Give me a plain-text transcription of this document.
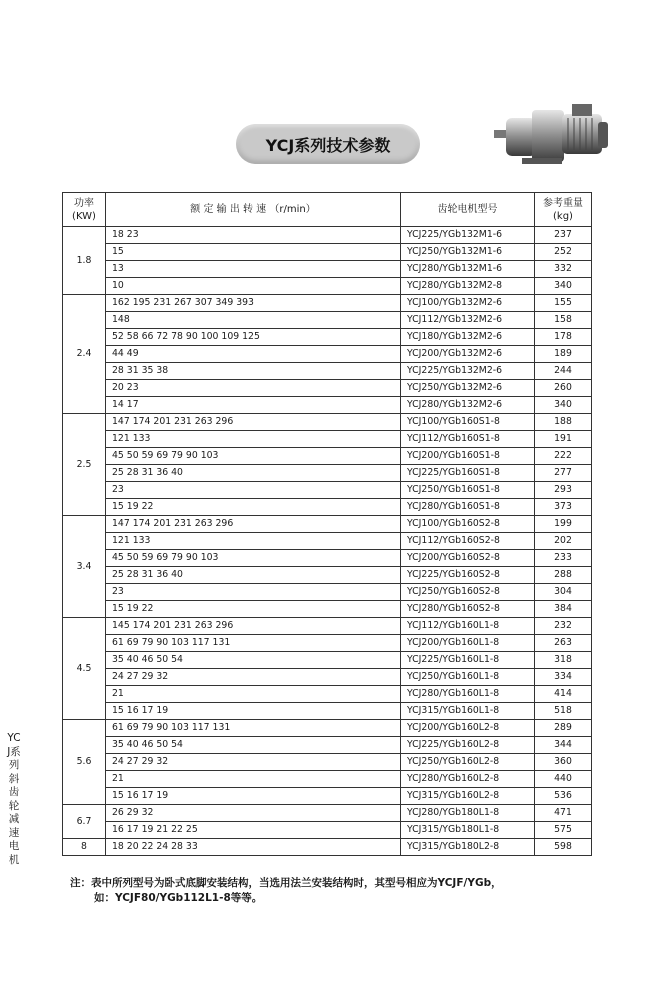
YCJ系列技术参数
功率
(KW)	额 定 输 出 转 速 （r/min）	齿轮电机型号	参考重量
(kg)

1.8	18 23	YCJ225/YGb132M1-6	237
	15	YCJ250/YGb132M1-6	252
	13	YCJ280/YGb132M1-6	332
	10	YCJ280/YGb132M2-8	340
2.4	162 195 231 267 307 349 393	YCJ100/YGb132M2-6	155
	148	YCJ112/YGb132M2-6	158
	52 58 66 72 78 90 100 109 125	YCJ180/YGb132M2-6	178
	44 49	YCJ200/YGb132M2-6	189
	28 31 35 38	YCJ225/YGb132M2-6	244
	20 23	YCJ250/YGb132M2-6	260
	14 17	YCJ280/YGb132M2-6	340
2.5	147 174 201 231 263 296	YCJ100/YGb160S1-8	188
	121 133	YCJ112/YGb160S1-8	191
	45 50 59 69 79 90 103	YCJ200/YGb160S1-8	222
	25 28 31 36 40	YCJ225/YGb160S1-8	277
	23	YCJ250/YGb160S1-8	293
	15 19 22	YCJ280/YGb160S1-8	373
3.4	147 174 201 231 263 296	YCJ100/YGb160S2-8	199
	121 133	YCJ112/YGb160S2-8	202
	45 50 59 69 79 90 103	YCJ200/YGb160S2-8	233
	25 28 31 36 40	YCJ225/YGb160S2-8	288
	23	YCJ250/YGb160S2-8	304
	15 19 22	YCJ280/YGb160S2-8	384
4.5	145 174 201 231 263 296	YCJ112/YGb160L1-8	232
	61 69 79 90 103 117 131	YCJ200/YGb160L1-8	263
	35 40 46 50 54	YCJ225/YGb160L1-8	318
	24 27 29 32	YCJ250/YGb160L1-8	334
	21	YCJ280/YGb160L1-8	414
	15 16 17 19	YCJ315/YGb160L1-8	518
5.6	61 69 79 90 103 117 131	YCJ200/YGb160L2-8	289
	35 40 46 50 54	YCJ225/YGb160L2-8	344
	24 27 29 32	YCJ250/YGb160L2-8	360
	21	YCJ280/YGb160L2-8	440
	15 16 17 19	YCJ315/YGb160L2-8	536
6.7	26 29 32	YCJ280/YGb180L1-8	471
	16 17 19 21 22 25	YCJ315/YGb180L1-8	575
8	18 20 22 24 28 33	YCJ315/YGb180L2-8	598
YCJ系列斜齿轮减速电机
注：表中所列型号为卧式底脚安装结构，当选用法兰安装结构时，其型号相应为YCJF/YGb，
如：YCJF80/YGb112L1-8等等。
